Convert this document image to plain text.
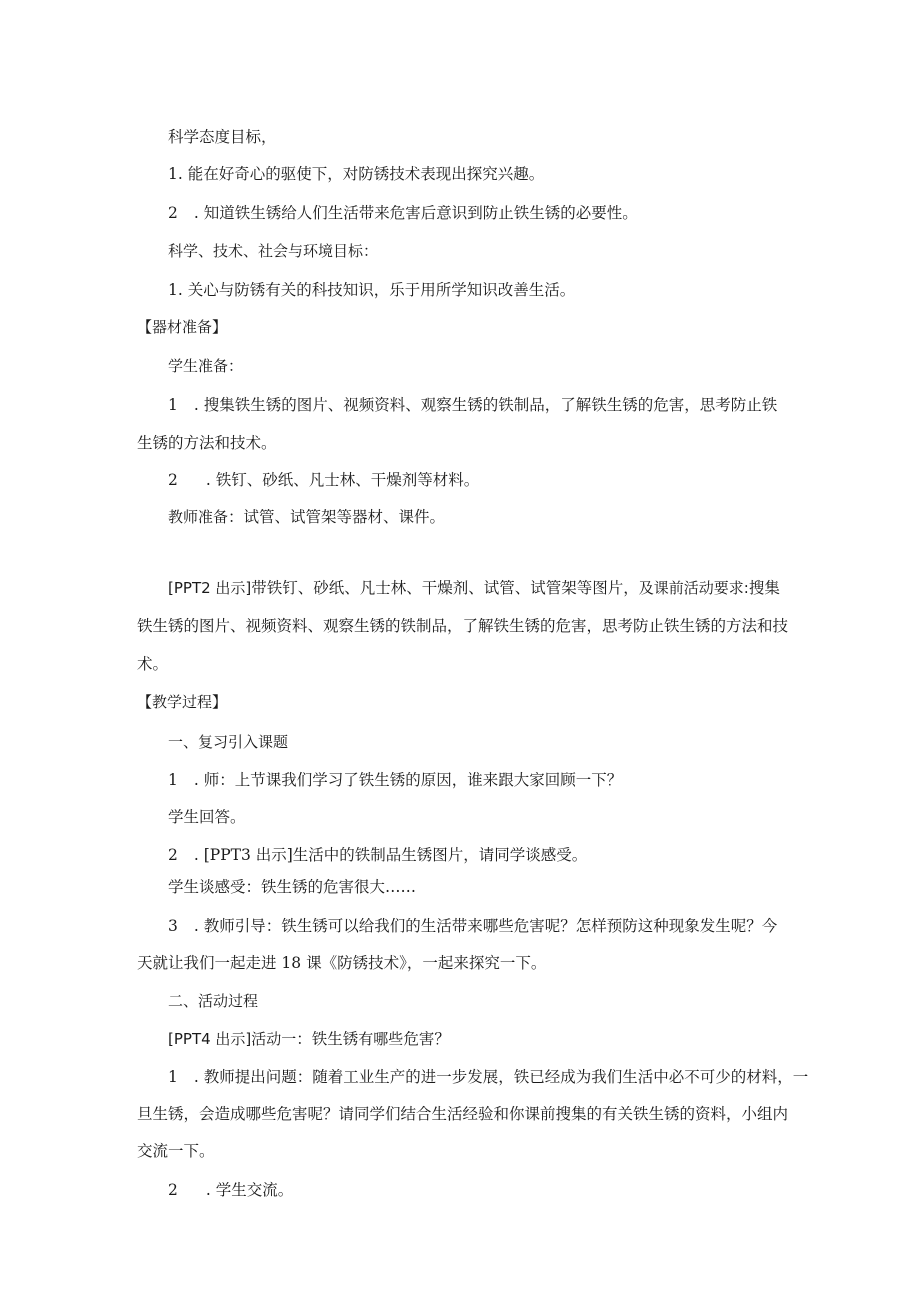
科学态度目标，
1. 能在好奇心的驱使下，对防锈技术表现出探究兴趣。
2 . 知道铁生锈给人们生活带来危害后意识到防止铁生锈的必要性。
科学、技术、社会与环境目标：
1. 关心与防锈有关的科技知识，乐于用所学知识改善生活。
【器材准备】
学生准备：
1 . 搜集铁生锈的图片、视频资料、观察生锈的铁制品，了解铁生锈的危害，思考防止铁
生锈的方法和技术。
2 . 铁钉、砂纸、凡士林、干燥剂等材料。
教师准备：试管、试管架等器材、课件。
[PPT2 出示]带铁钉、砂纸、凡士林、干燥剂、试管、试管架等图片，及课前活动要求:搜集
铁生锈的图片、视频资料、观察生锈的铁制品，了解铁生锈的危害，思考防止铁生锈的方法和技
术。
【教学过程】
一、复习引入课题
1 . 师：上节课我们学习了铁生锈的原因，谁来跟大家回顾一下？
学生回答。
2 . [PPT3 出示]生活中的铁制品生锈图片，请同学谈感受。
学生谈感受：铁生锈的危害很大……
3 . 教师引导：铁生锈可以给我们的生活带来哪些危害呢？怎样预防这种现象发生呢？今
天就让我们一起走进 18 课《防锈技术》，一起来探究一下。
二、活动过程
[PPT4 出示]活动一：铁生锈有哪些危害？
1 . 教师提出问题：随着工业生产的进一步发展，铁已经成为我们生活中必不可少的材料，一
旦生锈，会造成哪些危害呢？请同学们结合生活经验和你课前搜集的有关铁生锈的资料，小组内
交流一下。
2 . 学生交流。
